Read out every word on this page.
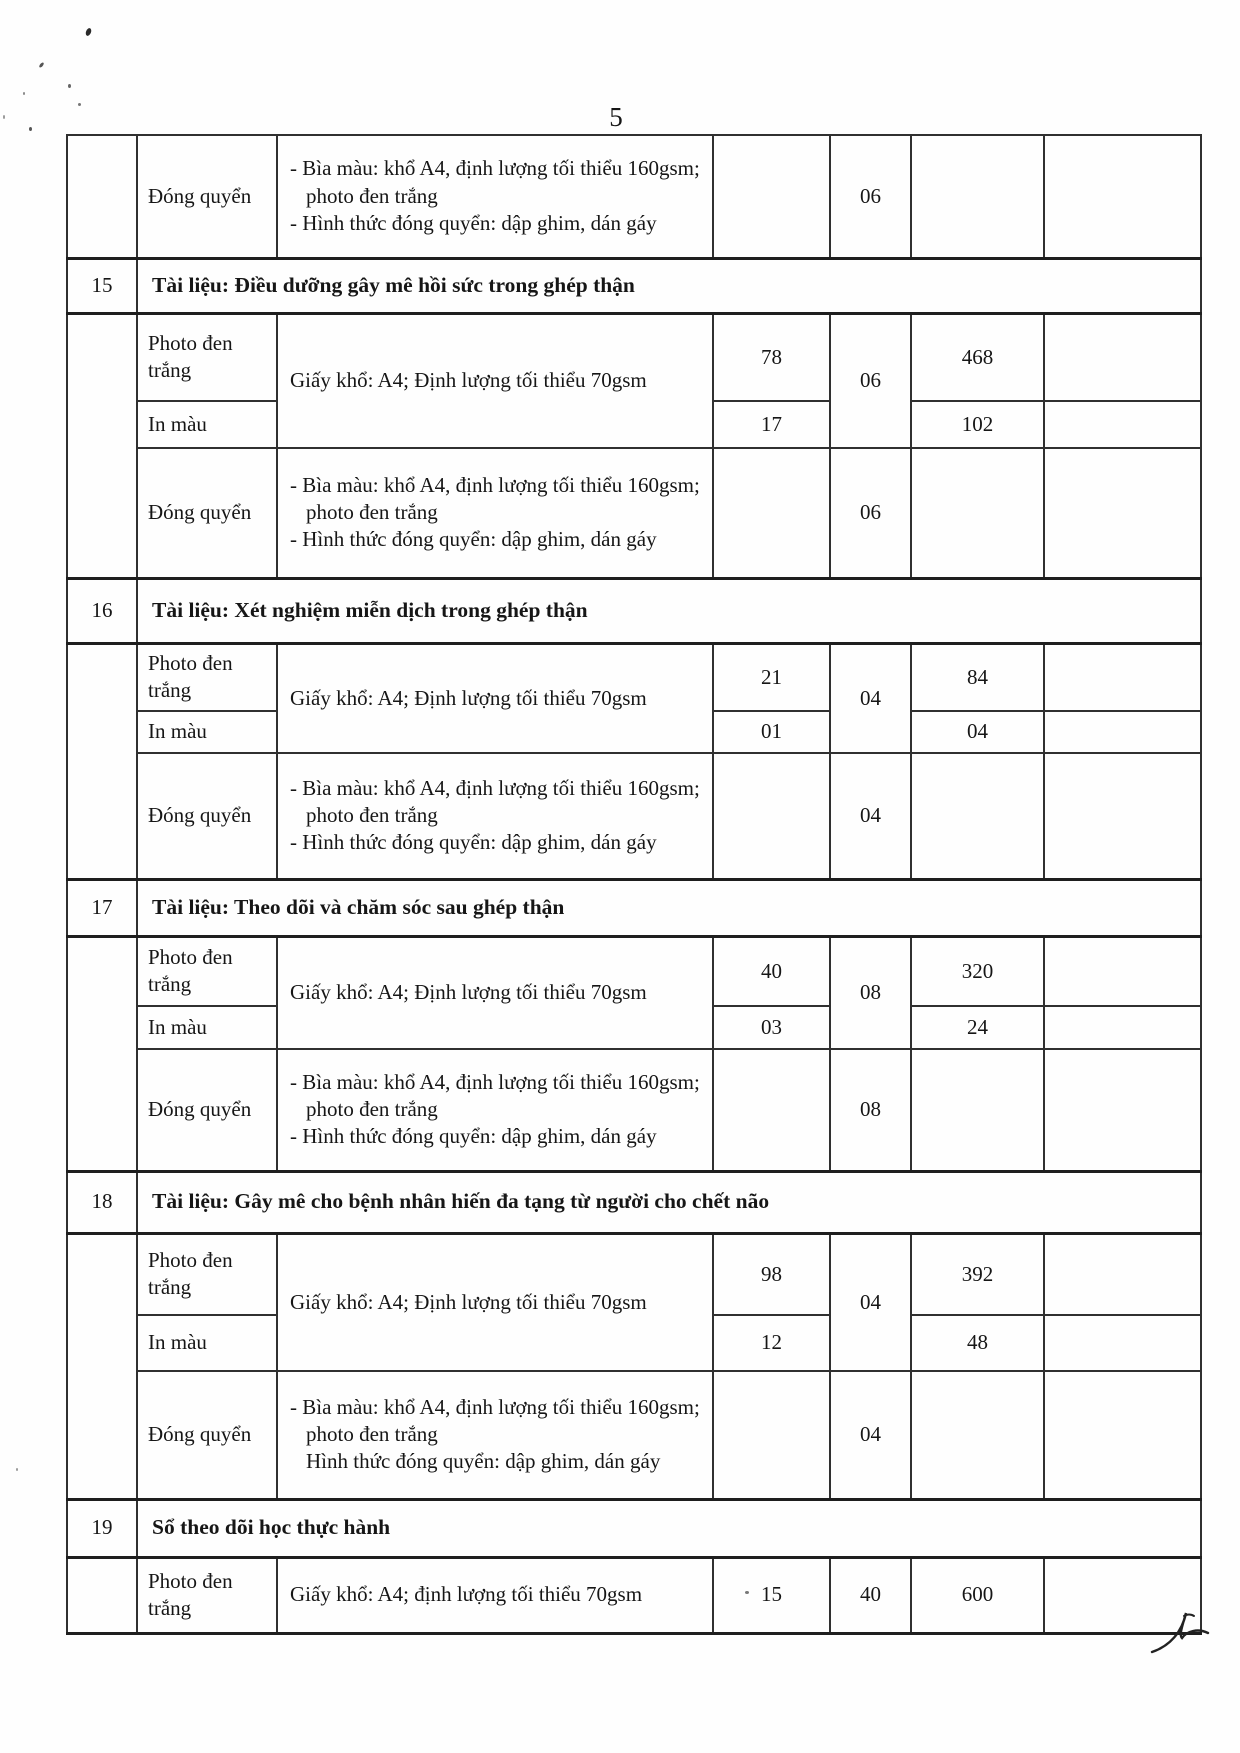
5
	Đóng quyển	- Bìa màu: khổ A4, định lượng tối thiểu 160gsm; photo đen trắng
- Hình thức đóng quyển: dập ghim, dán gáy		06		
15	Tài liệu: Điều dưỡng gây mê hồi sức trong ghép thận					
	Photo đen trắng	Giấy khổ: A4; Định lượng tối thiểu 70gsm	78	06	468	
	In màu		17		102	
	Đóng quyển	- Bìa màu: khổ A4, định lượng tối thiểu 160gsm; photo đen trắng
- Hình thức đóng quyển: dập ghim, dán gáy		06		
16	Tài liệu: Xét nghiệm miễn dịch trong ghép thận					
	Photo đen trắng	Giấy khổ: A4; Định lượng tối thiểu 70gsm	21	04	84	
	In màu		01		04	
	Đóng quyển	- Bìa màu: khổ A4, định lượng tối thiểu 160gsm; photo đen trắng
- Hình thức đóng quyển: dập ghim, dán gáy		04		
17	Tài liệu: Theo dõi và chăm sóc sau ghép thận					
	Photo đen trắng	Giấy khổ: A4; Định lượng tối thiểu 70gsm	40	08	320	
	In màu		03		24	
	Đóng quyển	- Bìa màu: khổ A4, định lượng tối thiểu 160gsm; photo đen trắng
- Hình thức đóng quyển: dập ghim, dán gáy		08		
18	Tài liệu: Gây mê cho bệnh nhân hiến đa tạng từ người cho chết não					
	Photo đen trắng	Giấy khổ: A4; Định lượng tối thiểu 70gsm	98	04	392	
	In màu		12		48	
	Đóng quyển	- Bìa màu: khổ A4, định lượng tối thiểu 160gsm; photo đen trắng
Hình thức đóng quyển: dập ghim, dán gáy		04		
19	Sổ theo dõi học thực hành					
	Photo đen trắng	Giấy khổ: A4; định lượng tối thiểu 70gsm	15	40	600	
